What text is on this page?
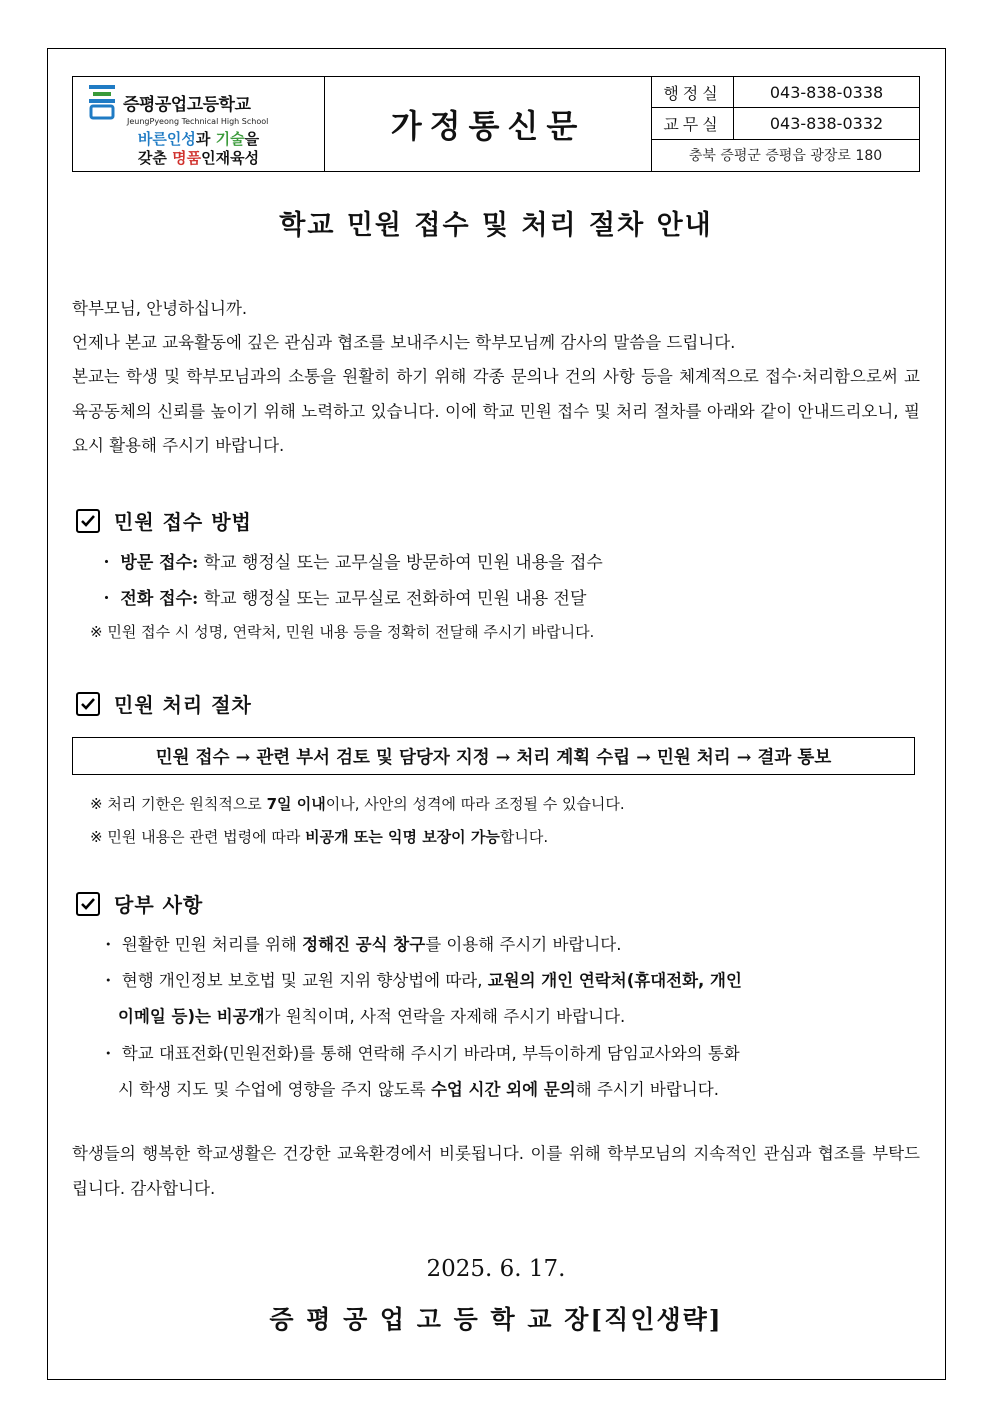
증평공업고등학교
JeungPyeong Technical High School
바른인성과 기술을
갖춘 명품인재육성
가정통신문
행정실	043-838-0338
교무실	043-838-0332
충북 증평군 증평읍 광장로 180
학교 민원 접수 및 처리 절차 안내
학부모님, 안녕하십니까.
언제나 본교 교육활동에 깊은 관심과 협조를 보내주시는 학부모님께 감사의 말씀을 드립니다.
본교는 학생 및 학부모님과의 소통을 원활히 하기 위해 각종 문의나 건의 사항 등을 체계적으로 접수·처리함으로써 교육공동체의 신뢰를 높이기 위해 노력하고 있습니다. 이에 학교 민원 접수 및 처리 절차를 아래와 같이 안내드리오니, 필요시 활용해 주시기 바랍니다.
민원 접수 방법
・ 방문 접수: 학교 행정실 또는 교무실을 방문하여 민원 내용을 접수
・ 전화 접수: 학교 행정실 또는 교무실로 전화하여 민원 내용 전달
※ 민원 접수 시 성명, 연락처, 민원 내용 등을 정확히 전달해 주시기 바랍니다.
민원 처리 절차
민원 접수 → 관련 부서 검토 및 담당자 지정 → 처리 계획 수립 → 민원 처리 → 결과 통보
※ 처리 기한은 원칙적으로 7일 이내이나, 사안의 성격에 따라 조정될 수 있습니다.
※ 민원 내용은 관련 법령에 따라 비공개 또는 익명 보장이 가능합니다.
당부 사항
・ 원활한 민원 처리를 위해 정해진 공식 창구를 이용해 주시기 바랍니다.
・ 현행 개인정보 보호법 및 교원 지위 향상법에 따라, 교원의 개인 연락처(휴대전화, 개인
이메일 등)는 비공개가 원칙이며, 사적 연락을 자제해 주시기 바랍니다.
・ 학교 대표전화(민원전화)를 통해 연락해 주시기 바라며, 부득이하게 담임교사와의 통화
시 학생 지도 및 수업에 영향을 주지 않도록 수업 시간 외에 문의해 주시기 바랍니다.
학생들의 행복한 학교생활은 건강한 교육환경에서 비롯됩니다. 이를 위해 학부모님의 지속적인 관심과 협조를 부탁드립니다. 감사합니다.
2025. 6. 17.
증 평 공 업 고 등 학 교 장[직인생략]
